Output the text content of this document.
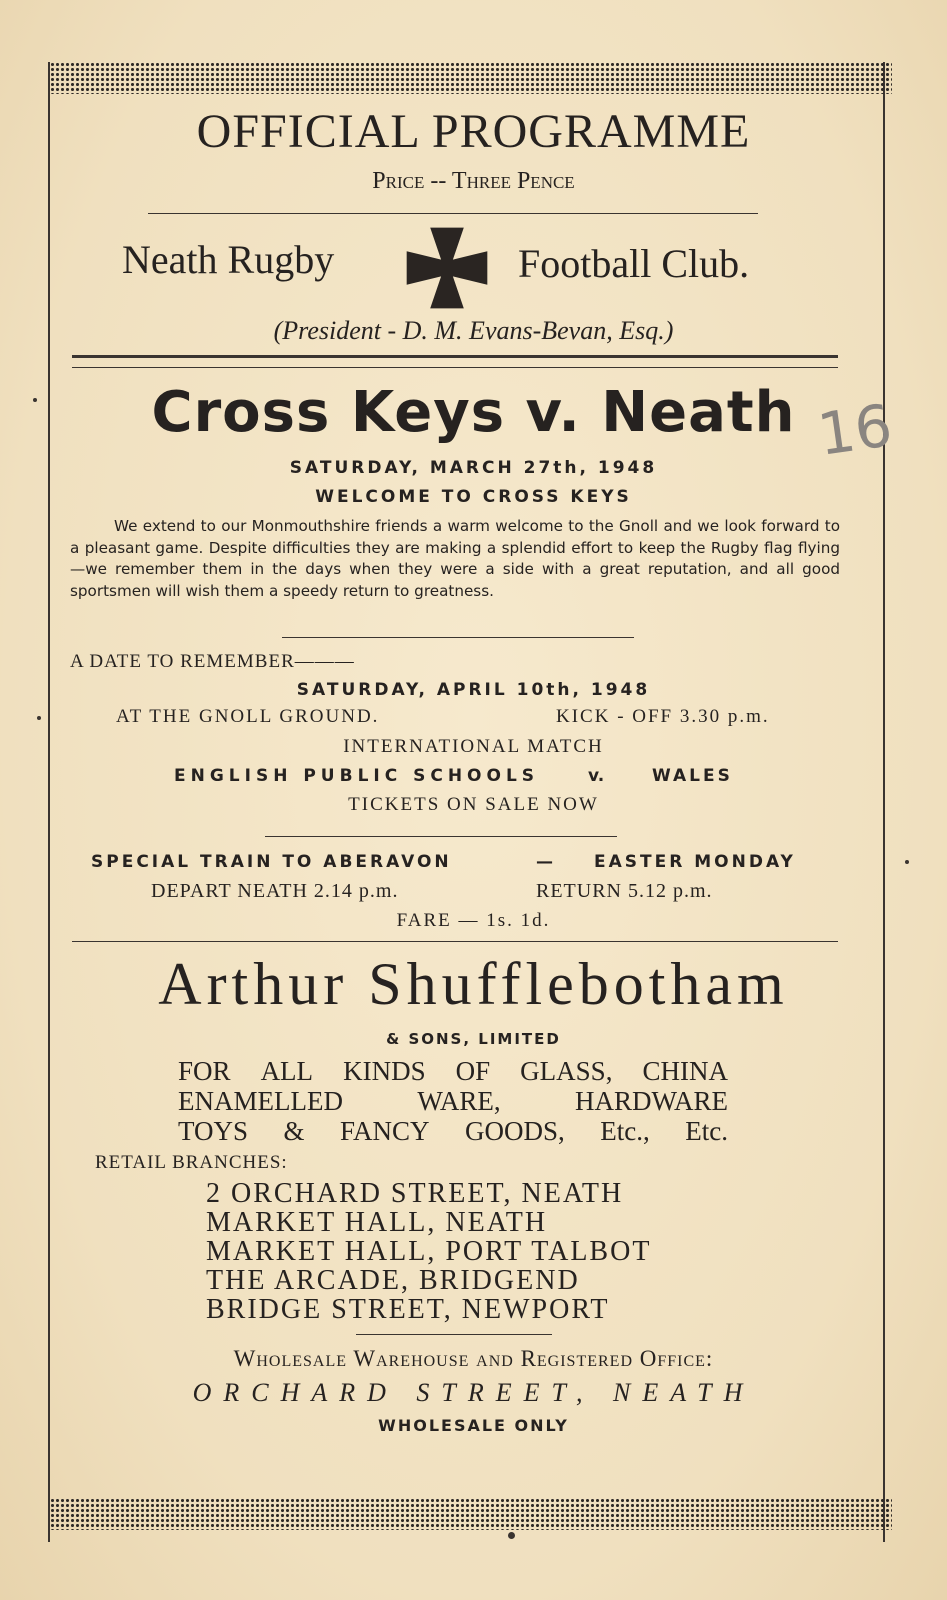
OFFICIAL PROGRAMME
Price -- Three Pence
Neath Rugby	Football Club.
(President - D. M. Evans-Bevan, Esq.)
Cross Keys v. Neath 16
SATURDAY, MARCH 27th, 1948
WELCOME TO CROSS KEYS
We extend to our Monmouthshire friends a warm welcome to the Gnoll and we look forward to a pleasant game. Despite difficulties they are making a splendid effort to keep the Rugby flag flying—we remember them in the days when they were a side with a great reputation, and all good sportsmen will wish them a speedy return to greatness.
A DATE TO REMEMBER———
SATURDAY, APRIL 10th, 1948
AT THE GNOLL GROUND.	KICK - OFF 3.30 p.m.
INTERNATIONAL MATCH
ENGLISH PUBLIC SCHOOLS	v.	WALES
TICKETS ON SALE NOW
SPECIAL TRAIN TO ABERAVON	— EASTER MONDAY
DEPART NEATH 2.14 p.m.	RETURN 5.12 p.m.
FARE — 1s. 1d.
Arthur Shufflebotham
& SONS, LIMITED
FOR ALL KINDS OF GLASS, CHINA
ENAMELLED	WARE,	HARDWARE
TOYS & FANCY GOODS, Etc., Etc.
RETAIL BRANCHES:
2 ORCHARD STREET, NEATH
MARKET HALL, NEATH
MARKET HALL, PORT TALBOT
THE ARCADE, BRIDGEND
BRIDGE STREET, NEWPORT
Wholesale Warehouse and Registered Office:
ORCHARD STREET, NEATH
WHOLESALE ONLY
